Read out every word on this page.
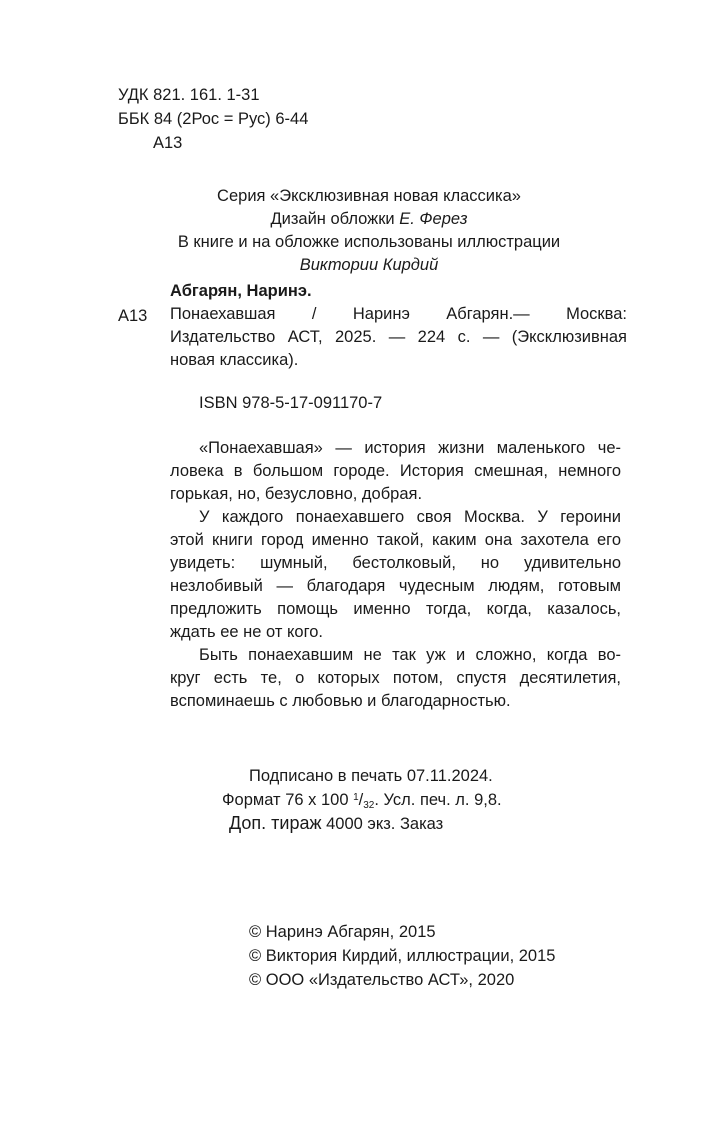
УДК 821. 161. 1-31
ББК 84 (2Рос = Рус) 6-44
А13
Серия «Эксклюзивная новая классика»
Дизайн обложки Е. Ферез
В книге и на обложке использованы иллюстрации
Виктории Кирдий
Абгарян, Наринэ.
А13 Понаехавшая / Наринэ Абгарян.— Москва:
Издательство АСТ, 2025. — 224 с. — (Эксклюзивная
новая классика).
ISBN 978-5-17-091170-7
«Понаехавшая» — история жизни маленького че-
ловека в большом городе. История смешная, немного
горькая, но, безусловно, добрая.
У каждого понаехавшего своя Москва. У героини
этой книги город именно такой, каким она захотела его
увидеть: шумный, бестолковый, но удивительно
незлобивый — благодаря чудесным людям, готовым
предложить помощь именно тогда, когда, казалось,
ждать ее не от кого.
Быть понаехавшим не так уж и сложно, когда во-
круг есть те, о которых потом, спустя десятилетия,
вспоминаешь с любовью и благодарностью.
Подписано в печать 07.11.2024.
Формат 76 x 100 $^1/_{32}$. Усл. печ. л. 9,8.
Доп. тираж 4000 экз. Заказ
© Наринэ Абгарян, 2015
© Виктория Кирдий, иллюстрации, 2015
© ООО «Издательство АСТ», 2020
